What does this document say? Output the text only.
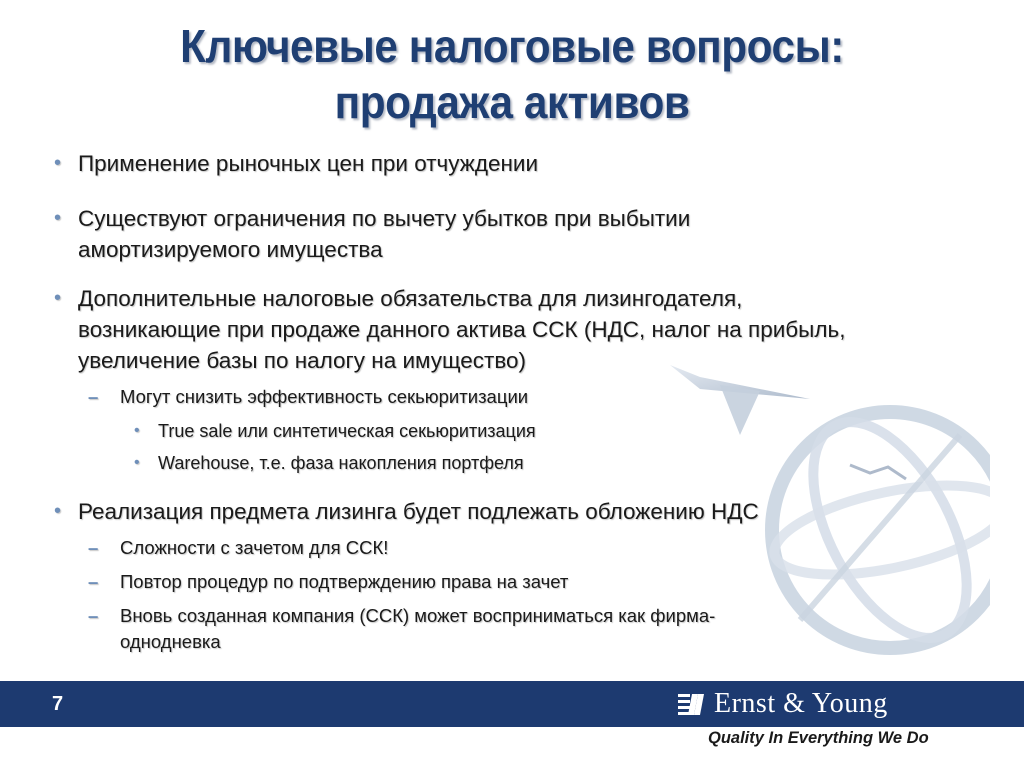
Ключевые налоговые вопросы:
продажа активов
• Применение рыночных цен при отчуждении
• Существуют ограничения по вычету убытков при выбытии
амортизируемого имущества
• Дополнительные налоговые обязательства для лизингодателя,
возникающие при продаже данного актива ССК (НДС, налог на прибыль,
увеличение базы по налогу на имущество)
– Могут снизить эффективность секьюритизации
• True sale или синтетическая секьюритизация
• Warehouse, т.е. фаза накопления портфеля
• Реализация предмета лизинга будет подлежать обложению НДС
– Сложности с зачетом для ССК!
– Повтор процедур по подтверждению права на зачет
– Вновь созданная компания (ССК) может восприниматься как фирма-
однодневка
7	Ernst & Young
Quality In Everything We Do
